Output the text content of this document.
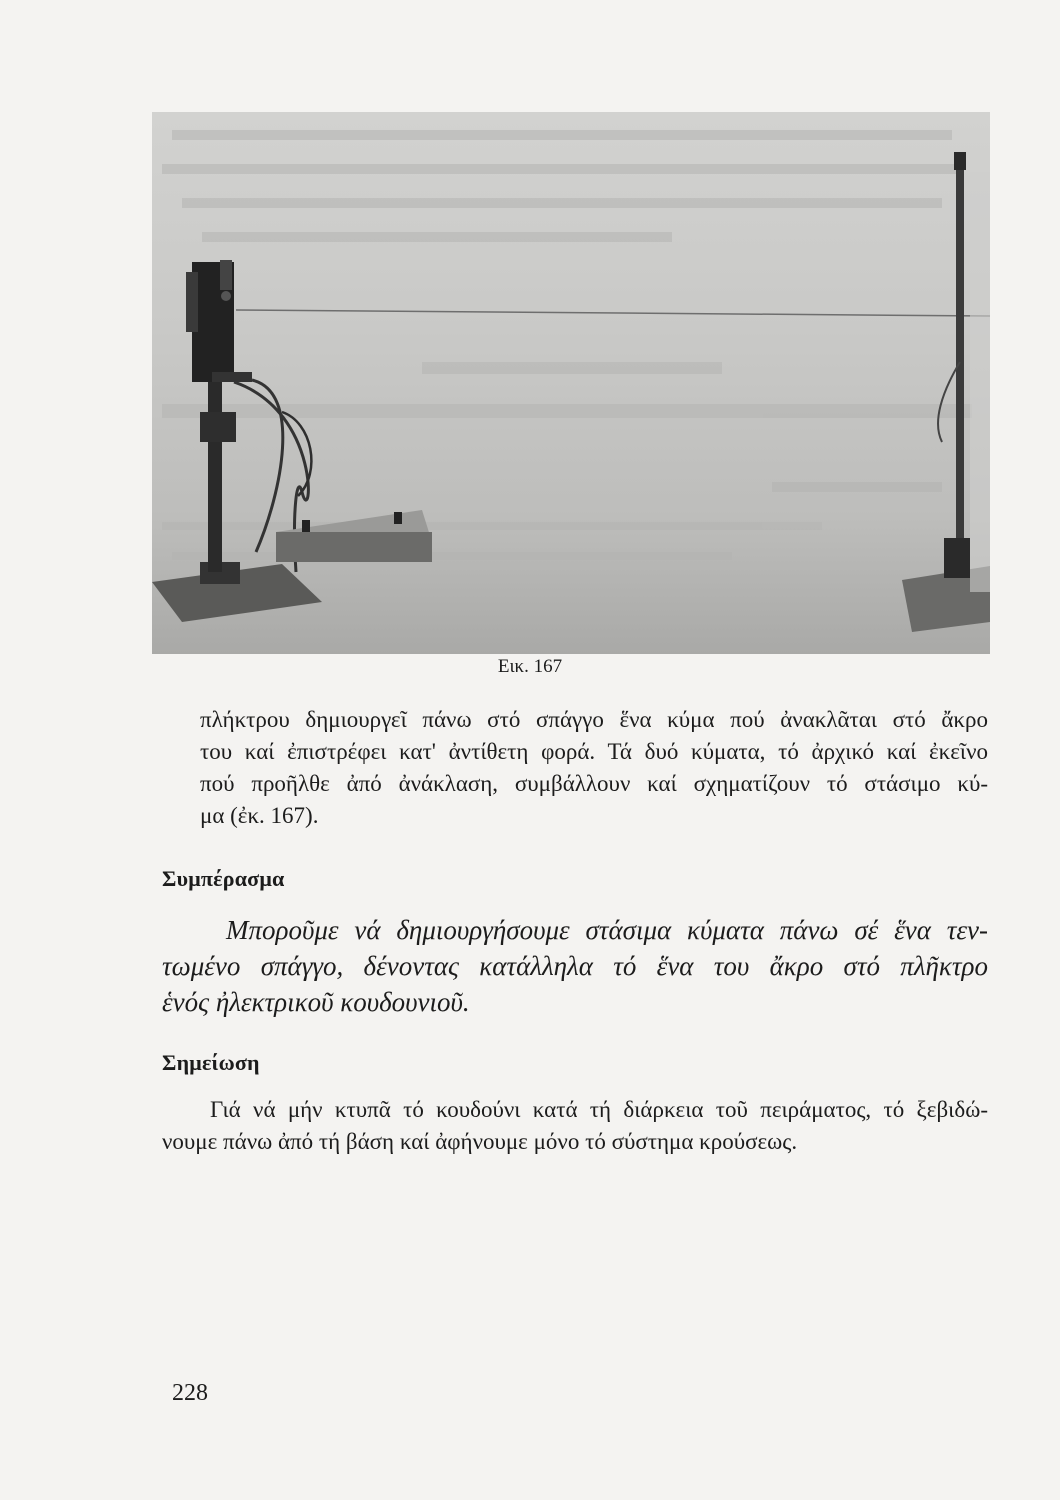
Εικ. 167
πλήκτρου δημιουργεῖ πάνω στό σπάγγο ἕνα κύμα πού ἀνακλᾶται στό ἄκρο
του καί ἐπιστρέφει κατ' ἀντίθετη φορά. Τά δυό κύματα, τό ἀρχικό καί ἐκεῖνο
πού προῆλθε ἀπό ἀνάκλαση, συμβάλλουν καί σχηματίζουν τό στάσιμο κύ-
μα (ἐκ. 167).
Συμπέρασμα
Μποροῦμε νά δημιουργήσουμε στάσιμα κύματα πάνω σέ ἕνα τεν-
τωμένο σπάγγο, δένοντας κατάλληλα τό ἕνα του ἄκρο στό πλῆκτρο
ἑνός ἠλεκτρικοῦ κουδουνιοῦ.
Σημείωση
Γιά νά μήν κτυπᾶ τό κουδούνι κατά τή διάρκεια τοῦ πειράματος, τό ξεβιδώ-
νουμε πάνω ἀπό τή βάση καί ἀφήνουμε μόνο τό σύστημα κρούσεως.
228
